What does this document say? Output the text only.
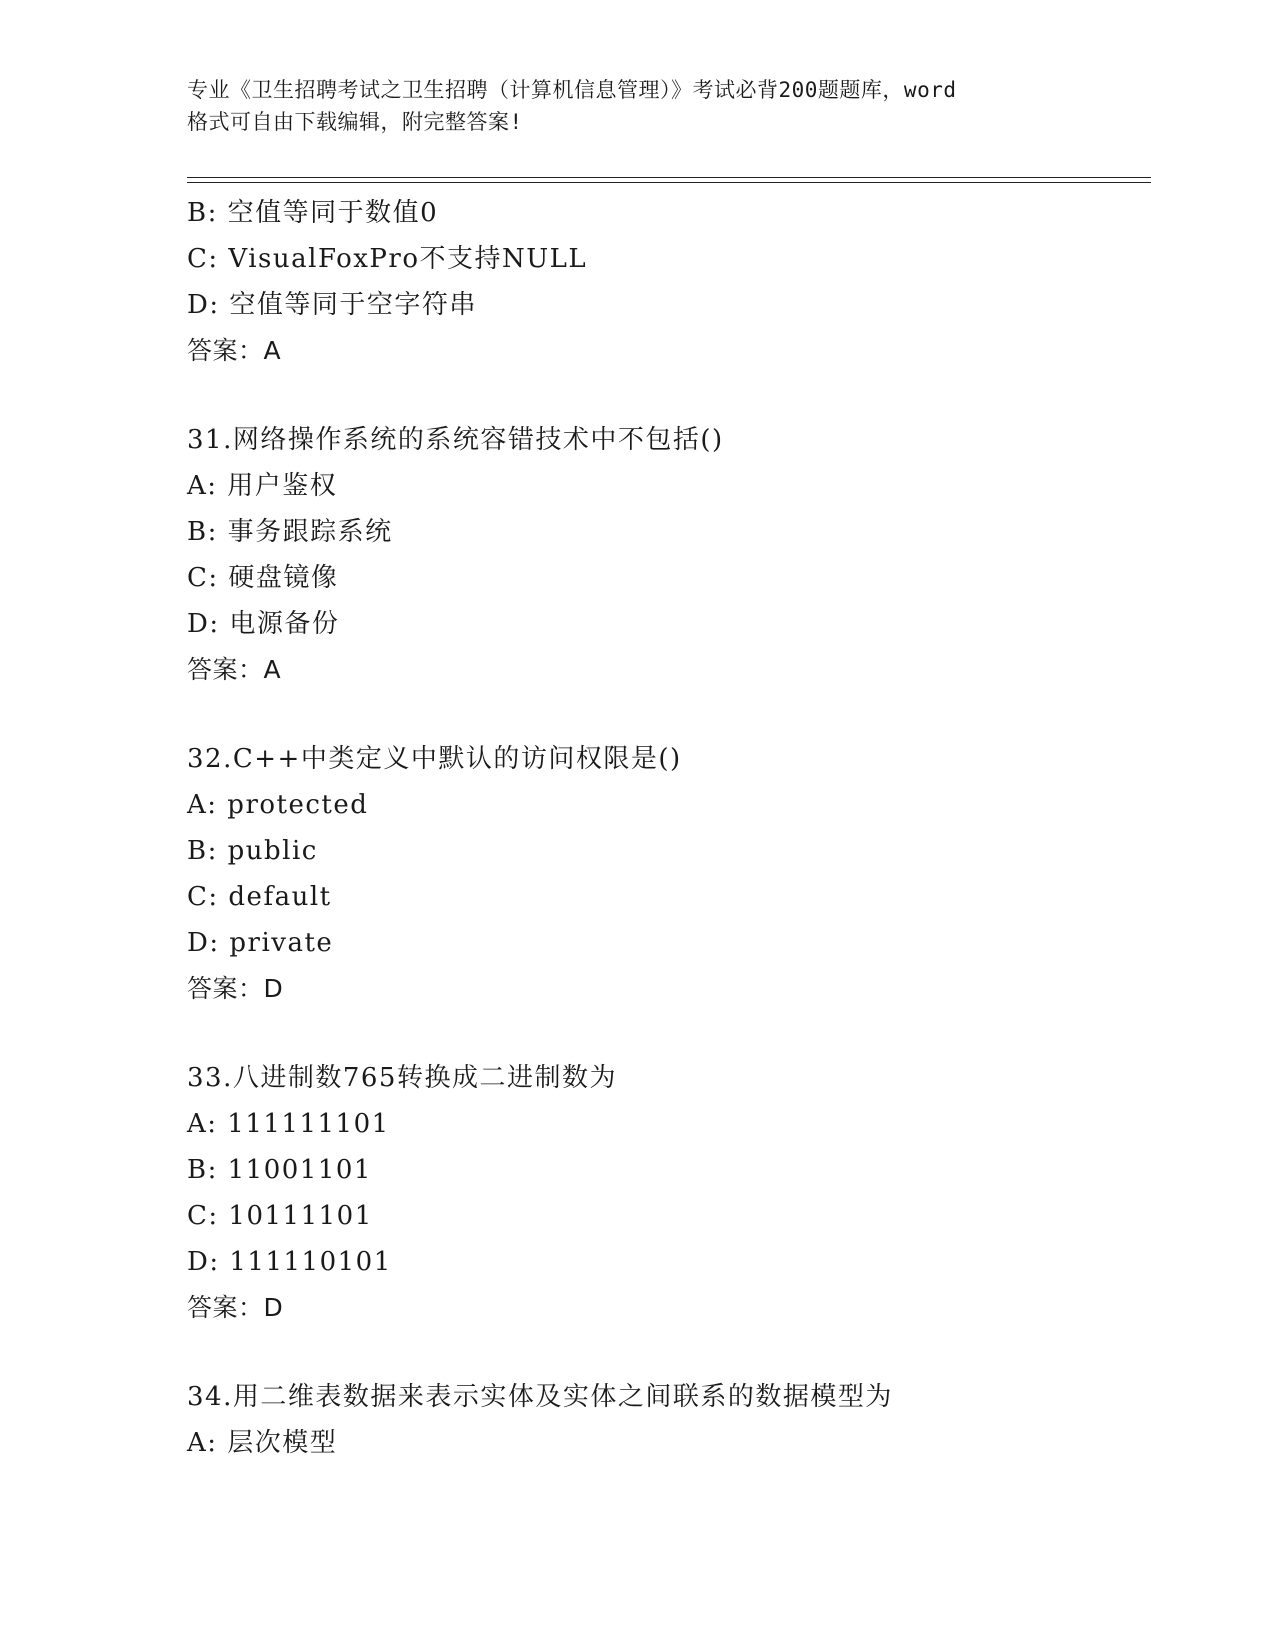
专业《卫生招聘考试之卫生招聘（计算机信息管理）》考试必背200题题库，word
格式可自由下载编辑，附完整答案!
B: 空值等同于数值0
C: VisualFoxPro不支持NULL
D: 空值等同于空字符串
答案：A
31.网络操作系统的系统容错技术中不包括()
A: 用户鉴权
B: 事务跟踪系统
C: 硬盘镜像
D: 电源备份
答案：A
32.C++中类定义中默认的访问权限是()
A: protected
B: public
C: default
D: private
答案：D
33.八进制数765转换成二进制数为
A: 111111101
B: 11001101
C: 10111101
D: 111110101
答案：D
34.用二维表数据来表示实体及实体之间联系的数据模型为
A: 层次模型
